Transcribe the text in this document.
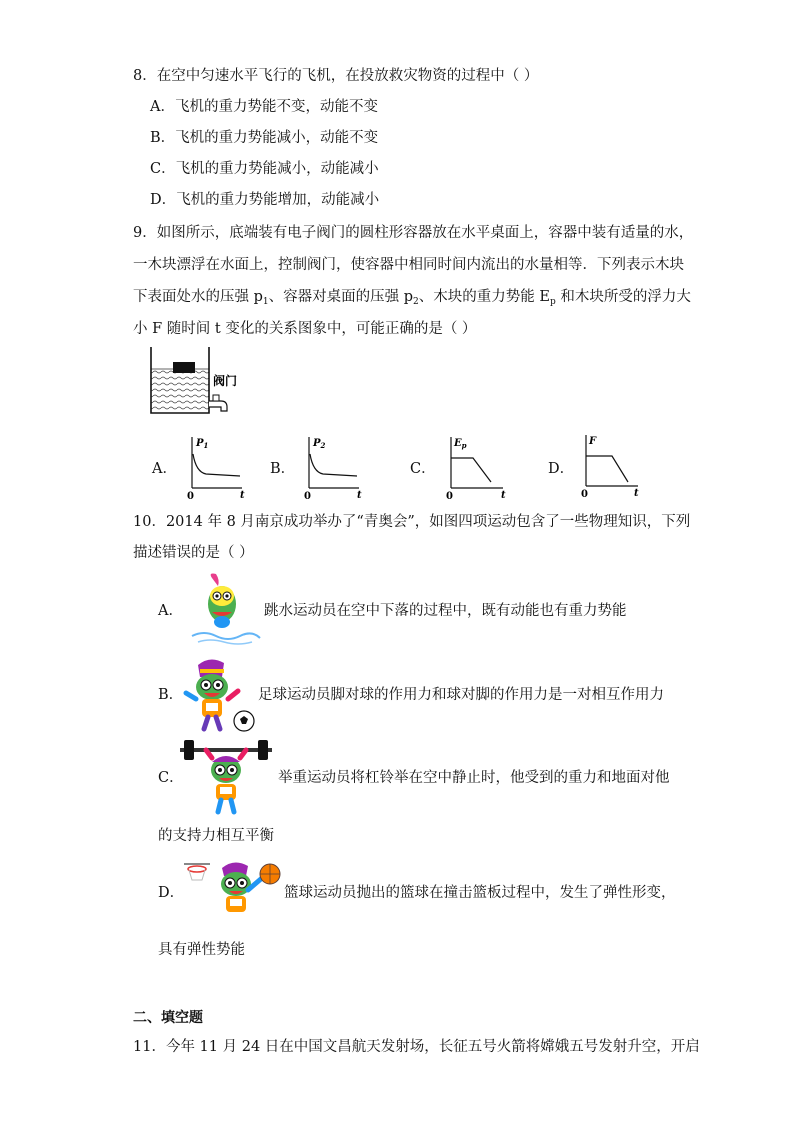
8．在空中匀速水平飞行的飞机，在投放救灾物资的过程中（ ）
A．飞机的重力势能不变，动能不变
B．飞机的重力势能减小，动能不变
C．飞机的重力势能减小，动能减小
D．飞机的重力势能增加，动能减小
9．如图所示，底端装有电子阀门的圆柱形容器放在水平桌面上，容器中装有适量的水，
一木块漂浮在水面上，控制阀门，使容器中相同时间内流出的水量相等．下列表示木块
下表面处水的压强 $p_1$、容器对桌面的压强 $p_2$、木块的重力势能 $E_p$ 和木块所受的浮力大
小 F 随时间 t 变化的关系图象中，可能正确的是（ ）
阀门
A．
$P_1$
0	t
B．
$P_2$
0	t
C．
$E_p$
0	t
D．
F
0	t
10．2014 年 8 月南京成功举办了“青奥会”，如图四项运动包含了一些物理知识，下列
描述错误的是（ ）
A．	跳水运动员在空中下落的过程中，既有动能也有重力势能
B．	足球运动员脚对球的作用力和球对脚的作用力是一对相互作用力
C．	举重运动员将杠铃举在空中静止时，他受到的重力和地面对他
的支持力相互平衡
D．	篮球运动员抛出的篮球在撞击篮板过程中，发生了弹性形变，
具有弹性势能
二、填空题
11．今年 11 月 24 日在中国文昌航天发射场，长征五号火箭将嫦娥五号发射升空，开启
